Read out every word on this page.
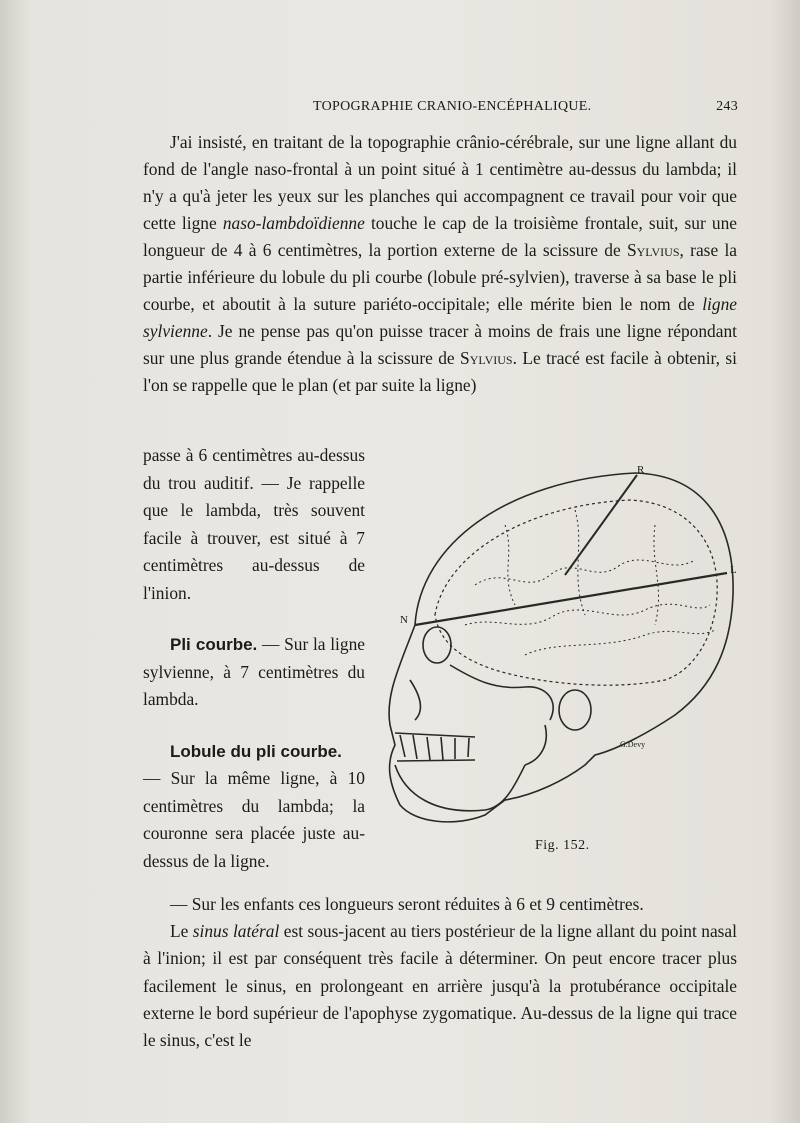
TOPOGRAPHIE CRANIO-ENCÉPHALIQUE.	243

J'ai insisté, en traitant de la topographie crânio-cérébrale, sur une ligne allant du fond de l'angle naso-frontal à un point situé à 1 centimètre au-dessus du lambda; il n'y a qu'à jeter les yeux sur les planches qui accompagnent ce travail pour voir que cette ligne naso-lambdoïdienne touche le cap de la troisième frontale, suit, sur une longueur de 4 à 6 centimètres, la portion externe de la scissure de Sylvius, rase la partie inférieure du lobule du pli courbe (lobule pré-sylvien), traverse à sa base le pli courbe, et aboutit à la suture pariéto-occipitale; elle mérite bien le nom de ligne sylvienne. Je ne pense pas qu'on puisse tracer à moins de frais une ligne répondant sur une plus grande étendue à la scissure de Sylvius. Le tracé est facile à obtenir, si l'on se rappelle que le plan (et par suite la ligne)

passe à 6 centimètres au-dessus du trou auditif. — Je rappelle que le lambda, très souvent facile à trouver, est situé à 7 centimètres au-dessus de l'inion.

Pli courbe. — Sur la ligne sylvienne, à 7 centimètres du lambda.

Lobule du pli courbe.

— Sur la même ligne, à 10 centimètres du lambda; la couronne sera placée juste au-dessus de la ligne.

R
L
N
G.Devy
Fig. 152.

— Sur les enfants ces longueurs seront réduites à 6 et 9 centimètres.

Le sinus latéral est sous-jacent au tiers postérieur de la ligne allant du point nasal à l'inion; il est par conséquent très facile à déterminer. On peut encore tracer plus facilement le sinus, en prolongeant en arrière jusqu'à la protubérance occipitale externe le bord supérieur de l'apophyse zygomatique. Au-dessus de la ligne qui trace le sinus, c'est le
